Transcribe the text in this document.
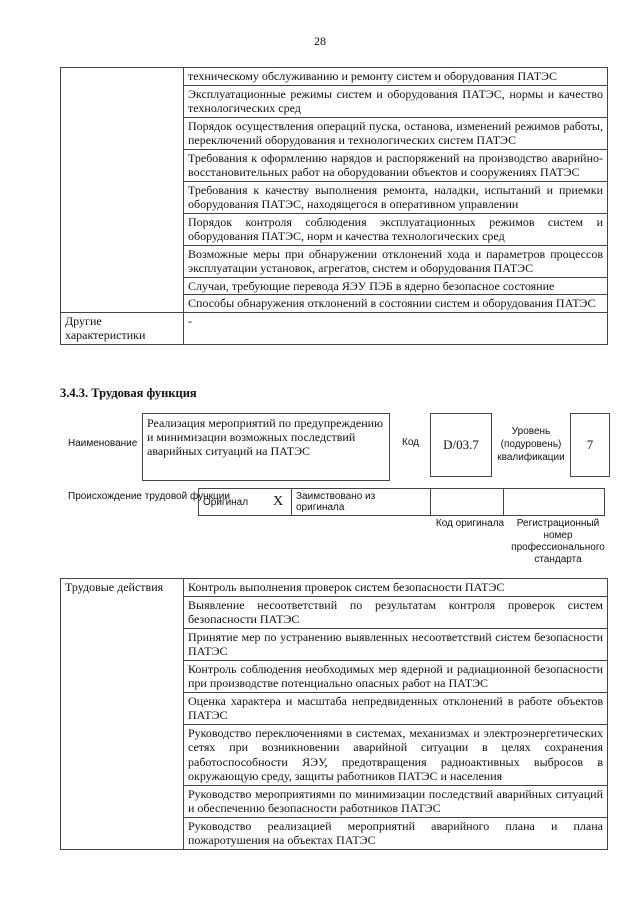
28
	техническому обслуживанию и ремонту систем и оборудования ПАТЭС
	Эксплуатационные режимы систем и оборудования ПАТЭС, нормы и качество технологических сред
	Порядок осуществления операций пуска, останова, изменений режимов работы, переключений оборудования и технологических систем ПАТЭС
	Требования к оформлению нарядов и распоряжений на производство аварийно-восстановительных работ на оборудовании объектов и сооружениях ПАТЭС
	Требования к качеству выполнения ремонта, наладки, испытаний и приемки оборудования ПАТЭС, находящегося в оперативном управлении
	Порядок контроля соблюдения эксплуатационных режимов систем и оборудования ПАТЭС, норм и качества технологических сред
	Возможные меры при обнаружении отклонений хода и параметров процессов эксплуатации установок, агрегатов, систем и оборудования ПАТЭС
	Случаи, требующие перевода ЯЭУ ПЭБ в ядерно безопасное состояние
	Способы обнаружения отклонений в состоянии систем и оборудования ПАТЭС
Другие характеристики	-
3.4.3. Трудовая функция
Наименование
Реализация мероприятий по предупреждению и минимизации возможных последствий аварийных ситуаций на ПАТЭС
Код D/03.7
Уровень (подуровень) квалификации
7
Происхождение трудовой функции
Оригинал	X	Заимствовано из оригинала		
Код оригинала	Регистрационный номер профессионального стандарта
Трудовые действия	Контроль выполнения проверок систем безопасности ПАТЭС
Выявление несоответствий по результатам контроля проверок систем безопасности ПАТЭС
Принятие мер по устранению выявленных несоответствий систем безопасности ПАТЭС
Контроль соблюдения необходимых мер ядерной и радиационной безопасности при производстве потенциально опасных работ на ПАТЭС
Оценка характера и масштаба непредвиденных отклонений в работе объектов ПАТЭС
Руководство переключениями в системах, механизмах и электроэнергетических сетях при возникновении аварийной ситуации в целях сохранения работоспособности ЯЭУ, предотвращения радиоактивных выбросов в окружающую среду, защиты работников ПАТЭС и населения
Руководство мероприятиями по минимизации последствий аварийных ситуаций и обеспечению безопасности работников ПАТЭС
Руководство реализацией мероприятий аварийного плана и плана пожаротушения на объектах ПАТЭС
